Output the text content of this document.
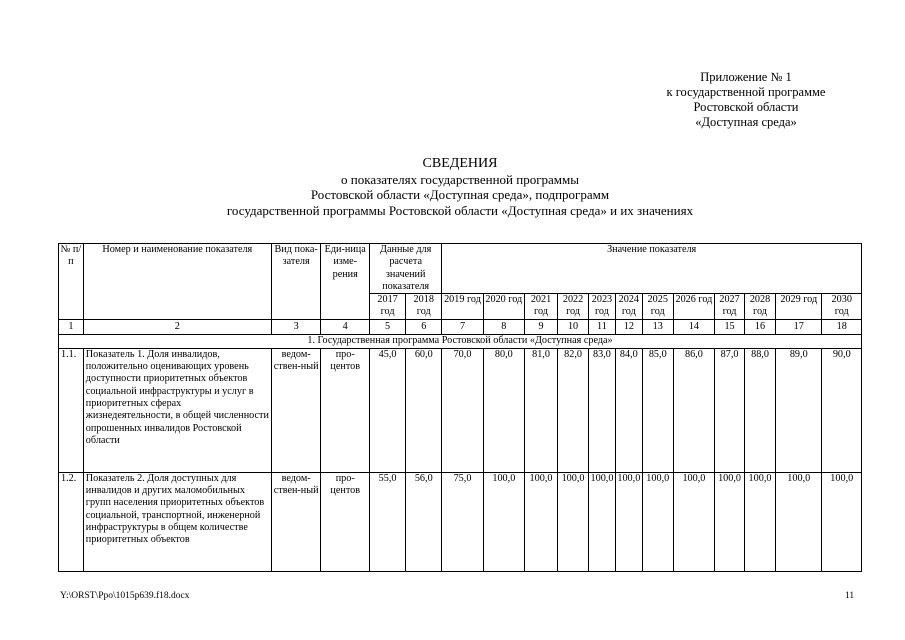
Приложение № 1
к государственной программе
Ростовской области
«Доступная среда»
СВЕДЕНИЯ
о показателях государственной программы
Ростовской области «Доступная среда», подпрограмм
государственной программы Ростовской области «Доступная среда» и их значениях
№ п/п	Номер и наименование показателя	Вид пока-зателя	Еди-ница изме-рения	Данные для расчета значений показателя		Значение показателя											
				2017 год	2018 год	2019 год	2020 год	2021 год	2022 год	2023 год	2024 год	2025 год	2026 год	2027 год	2028 год	2029 год	2030 год
1	2	3	4	5	6	7	8	9	10	11	12	13	14	15	16	17	18
1. Государственная программа Ростовской области «Доступная среда»																	
1.1.	Показатель 1. Доля инвалидов, положительно оценивающих уровень доступности приоритетных объектов социальной инфраструктуры и услуг в приоритетных сферах жизнедеятельности, в общей численности опрошенных инвалидов Ростовской области	ведом-ствен-ный	про-центов	45,0	60,0	70,0	80,0	81,0	82,0	83,0	84,0	85,0	86,0	87,0	88,0	89,0	90,0
1.2.	Показатель 2. Доля доступных для инвалидов и других маломобильных групп населения приоритетных объектов социальной, транспортной, инженерной инфраструктуры в общем количестве приоритетных объектов	ведом-ствен-ный	про-центов	55,0	56,0	75,0	100,0	100,0	100,0	100,0	100,0	100,0	100,0	100,0	100,0	100,0	100,0
Y:\ORST\Ppo\1015p639.f18.docx	11
